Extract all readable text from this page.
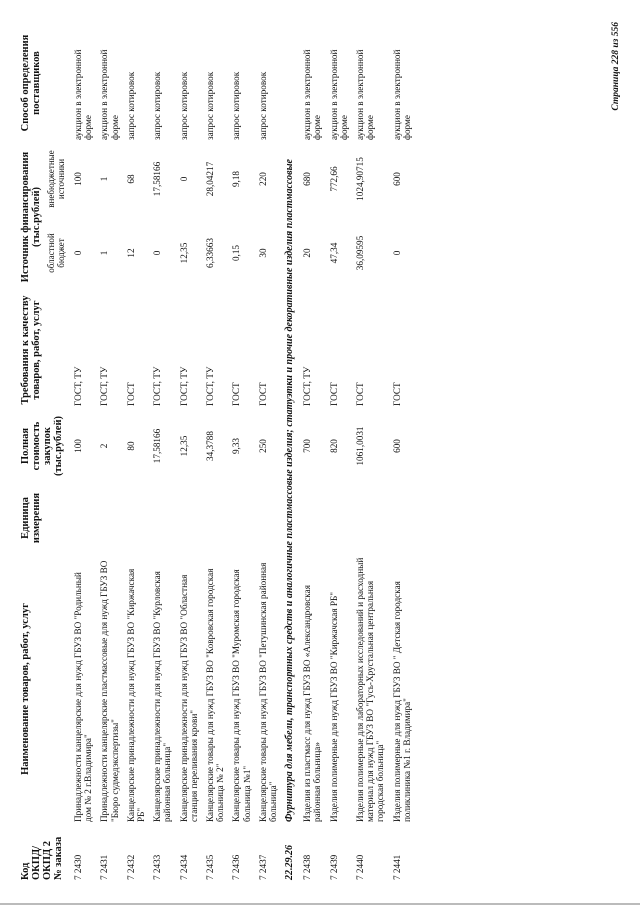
Код ОКПД/ ОКПД 2 № заказа	Наименование товаров, работ, услуг	Единица измерения	Полная стоимость закупок (тыс.рублей)	Требования к качеству товаров, работ, услуг	Источник финансирования (тыс.рублей)		Способ определения поставщиков
					областной бюджет	внебюджетные источники	
7 2430	Принадлежности канцелярские для нужд ГБУЗ ВО "Родильный дом № 2 г.Владимира"		100	ГОСТ, ТУ	0	100	аукцион в электронной форме
7 2431	Принадлежности канцелярские пластмассовые для нужд ГБУЗ ВО "Бюро судмедэкспертизы"		2	ГОСТ, ТУ	1	1	аукцион в электронной форме
7 2432	Канцелярские принадлежности для нужд ГБУЗ ВО "Киржачская РБ"		80	ГОСТ	12	68	запрос котировок
7 2433	Канцелярские принадлежности для нужд ГБУЗ ВО "Курловская районная больница"		17,58166	ГОСТ, ТУ	0	17,58166	запрос котировок
7 2434	Канцелярские принадлежности для нужд ГБУЗ ВО "Областная станция переливания крови"		12,35	ГОСТ, ТУ	12,35	0	запрос котировок
7 2435	Канцелярские товары для нужд ГБУЗ ВО "Ковровская городская больница № 2"		34,3788	ГОСТ, ТУ	6,33663	28,04217	запрос котировок
7 2436	Канцелярские товары для нужд ГБУЗ ВО "Муромская городская больница №1"		9,33	ГОСТ	0,15	9,18	запрос котировок
7 2437	Канцелярские товары для нужд ГБУЗ ВО "Петушинская районная больница"		250	ГОСТ	30	220	запрос котировок
22.29.26	Фурнитура для мебели, транспортных средств и аналогичные пластмассовые изделия; статуэтки и прочие декоративные изделия пластмассовые						
7 2438	Изделия из пластмасс для нужд ГБУЗ ВО «Александровская районная больница»		700	ГОСТ, ТУ	20	680	аукцион в электронной форме
7 2439	Изделия полимерные для нужд ГБУЗ ВО "Киржачская РБ"		820	ГОСТ	47,34	772,66	аукцион в электронной форме
7 2440	Изделия полимерные для лабораторных исследований и расходный материал для нужд ГБУЗ ВО "Гусь-Хрустальная центральная городская больница"		1061,0031	ГОСТ	36,09595	1024,90715	аукцион в электронной форме
7 2441	Изделия полимерные для нужд ГБУЗ ВО " Детская городская поликлиника №1 г. Владимира"		600	ГОСТ	0	600	аукцион в электронной форме
Страница 228 из 556
